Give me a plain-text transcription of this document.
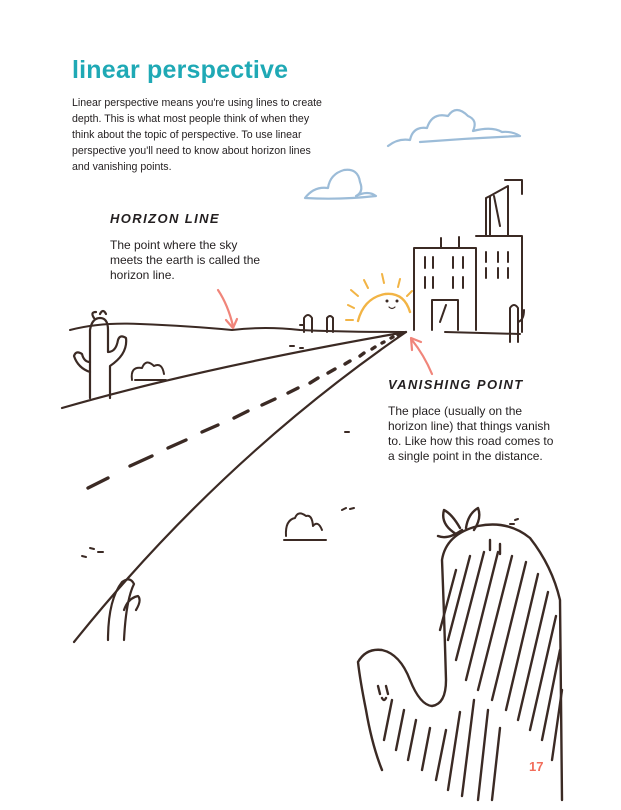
linear perspective

Linear perspective means you're using lines to create depth. This is what most people think of when they think about the topic of perspective. To use linear perspective you'll need to know about horizon lines and vanishing points.

HORIZON LINE

The point where the sky meets the earth is called the horizon line.

VANISHING POINT

The place (usually on the horizon line) that things vanish to. Like how this road comes to a single point in the distance.

17
